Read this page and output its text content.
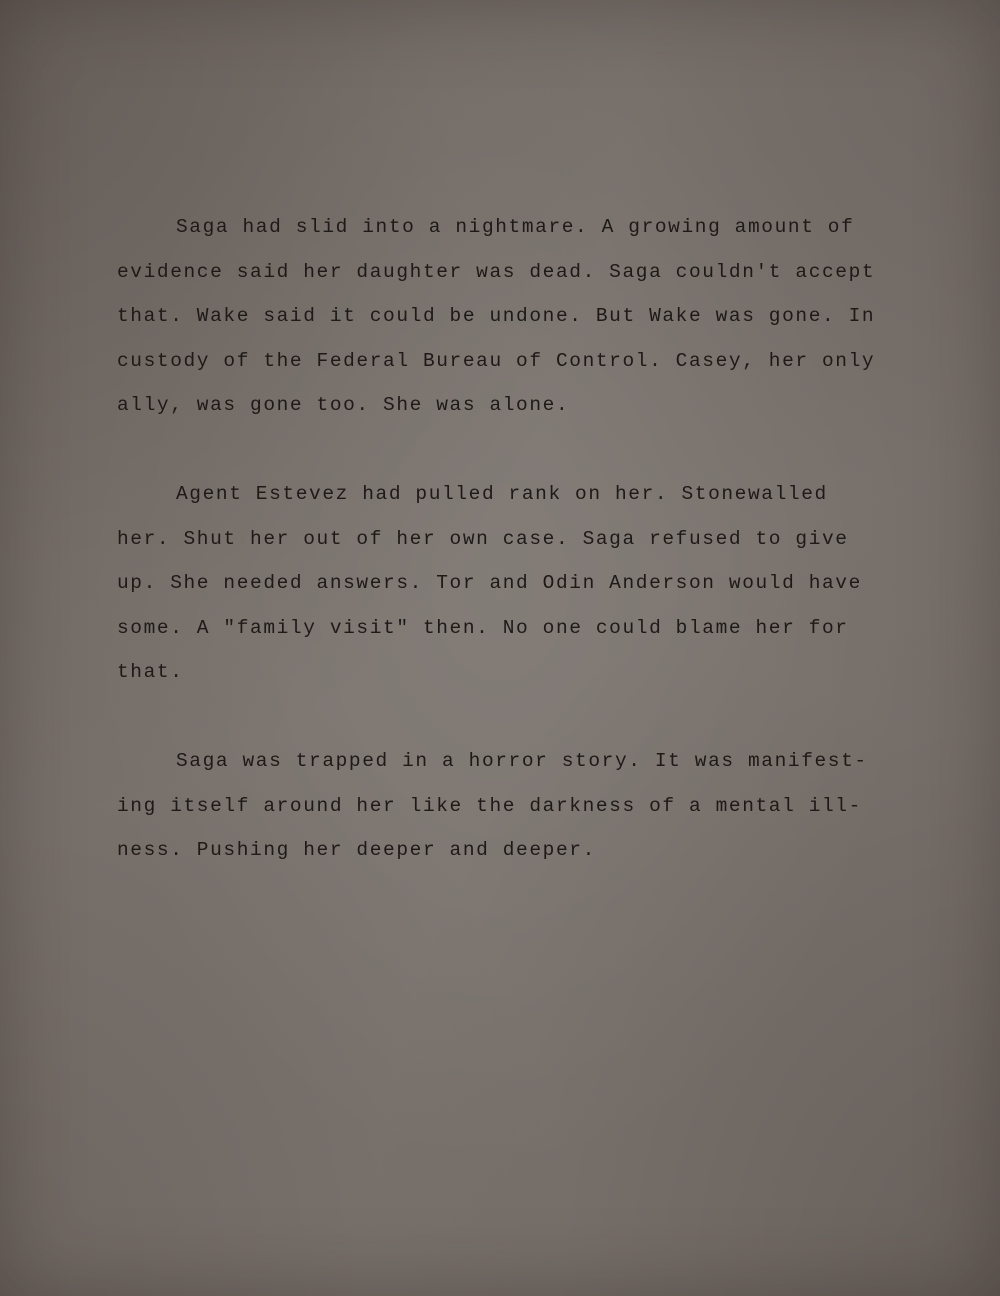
Saga had slid into a nightmare. A growing amount of evidence said her daughter was dead. Saga couldn't accept that. Wake said it could be undone. But Wake was gone. In custody of the Federal Bureau of Control. Casey, her only ally, was gone too. She was alone.

Agent Estevez had pulled rank on her. Stonewalled her. Shut her out of her own case. Saga refused to give up. She needed answers. Tor and Odin Anderson would have some. A "family visit" then. No one could blame her for that.

Saga was trapped in a horror story. It was manifest-ing itself around her like the darkness of a mental ill-ness. Pushing her deeper and deeper.
